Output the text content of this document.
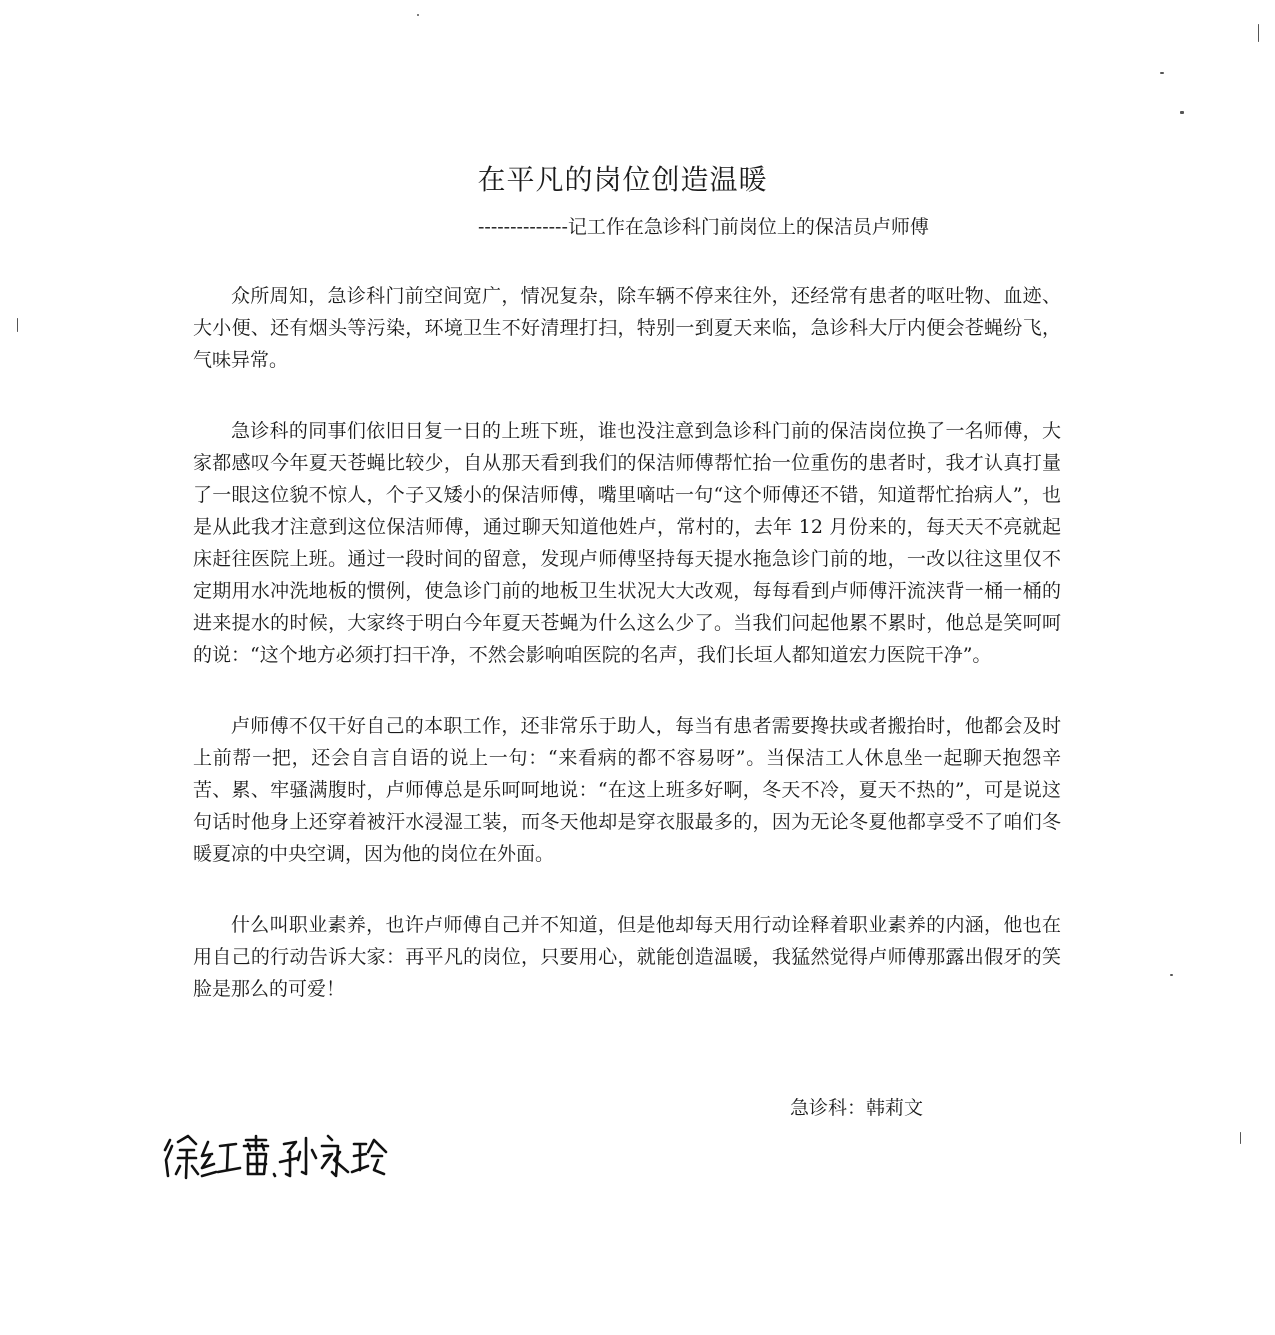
在平凡的岗位创造温暖
--------------记工作在急诊科门前岗位上的保洁员卢师傅

众所周知，急诊科门前空间宽广，情况复杂，除车辆不停来往外，还经常有患者的呕吐物、血迹、大小便、还有烟头等污染，环境卫生不好清理打扫，特别一到夏天来临，急诊科大厅内便会苍蝇纷飞，气味异常。

急诊科的同事们依旧日复一日的上班下班，谁也没注意到急诊科门前的保洁岗位换了一名师傅，大家都感叹今年夏天苍蝇比较少，自从那天看到我们的保洁师傅帮忙抬一位重伤的患者时，我才认真打量了一眼这位貌不惊人，个子又矮小的保洁师傅，嘴里嘀咕一句“这个师傅还不错，知道帮忙抬病人”，也是从此我才注意到这位保洁师傅，通过聊天知道他姓卢，常村的，去年 12 月份来的，每天天不亮就起床赶往医院上班。通过一段时间的留意，发现卢师傅坚持每天提水拖急诊门前的地，一改以往这里仅不定期用水冲洗地板的惯例，使急诊门前的地板卫生状况大大改观，每每看到卢师傅汗流浃背一桶一桶的进来提水的时候，大家终于明白今年夏天苍蝇为什么这么少了。当我们问起他累不累时，他总是笑呵呵的说：“这个地方必须打扫干净，不然会影响咱医院的名声，我们长垣人都知道宏力医院干净”。

卢师傅不仅干好自己的本职工作，还非常乐于助人，每当有患者需要搀扶或者搬抬时，他都会及时上前帮一把，还会自言自语的说上一句：“来看病的都不容易呀”。当保洁工人休息坐一起聊天抱怨辛苦、累、牢骚满腹时，卢师傅总是乐呵呵地说：“在这上班多好啊，冬天不冷，夏天不热的”，可是说这句话时他身上还穿着被汗水浸湿工装，而冬天他却是穿衣服最多的，因为无论冬夏他都享受不了咱们冬暖夏凉的中央空调，因为他的岗位在外面。

什么叫职业素养，也许卢师傅自己并不知道，但是他却每天用行动诠释着职业素养的内涵，他也在用自己的行动告诉大家：再平凡的岗位，只要用心，就能创造温暖，我猛然觉得卢师傅那露出假牙的笑脸是那么的可爱！

急诊科：韩莉文
